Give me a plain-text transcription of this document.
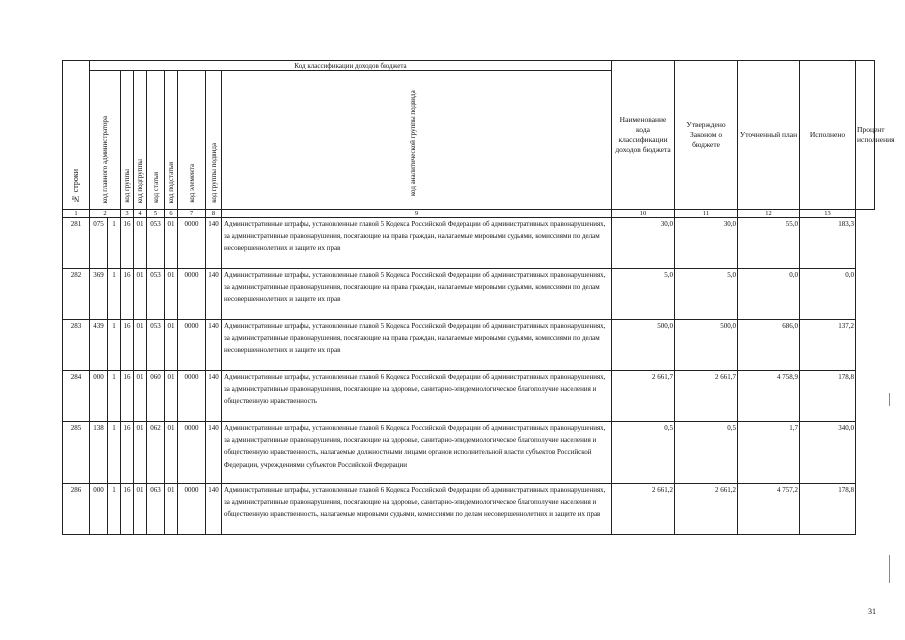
№ строки	Код классификации доходов бюджета									Наименование кода классификации доходов бюджета	Утверждено Законом о бюджете	Уточненный план	Исполнено	Процент исполнения
	код главного администратора		код группы	код подгруппы	код статьи	код подстатьи	код элемента	код группы подвида	код аналитической группы подвида					
1	2		3	4	5	6	7	8	9	10	11	12	13	
281	075	1	16	01	053	01	0000	140	Административные штрафы, установленные главой 5 Кодекса Российской Федерации об административных правонарушениях, за административные правонарушения, посягающие на права граждан, налагаемые мировыми судьями, комиссиями по делам несовершеннолетних и защите их прав	30,0	30,0	55,0	183,3	
282	369	1	16	01	053	01	0000	140	Административные штрафы, установленные главой 5 Кодекса Российской Федерации об административных правонарушениях, за административные правонарушения, посягающие на права граждан, налагаемые мировыми судьями, комиссиями по делам несовершеннолетних и защите их прав	5,0	5,0	0,0	0,0	
283	439	1	16	01	053	01	0000	140	Административные штрафы, установленные главой 5 Кодекса Российской Федерации об административных правонарушениях, за административные правонарушения, посягающие на права граждан, налагаемые мировыми судьями, комиссиями по делам несовершеннолетних и защите их прав	500,0	500,0	686,0	137,2	
284	000	1	16	01	060	01	0000	140	Административные штрафы, установленные главой 6 Кодекса Российской Федерации об административных правонарушениях, за административные правонарушения, посягающие на здоровье, санитарно-эпидемиологическое благополучие населения и общественную нравственность	2 661,7	2 661,7	4 758,9	178,8	
285	138	1	16	01	062	01	0000	140	Административные штрафы, установленные главой 6 Кодекса Российской Федерации об административных правонарушениях, за административные правонарушения, посягающие на здоровье, санитарно-эпидемиологическое благополучие населения и общественную нравственность, налагаемые должностными лицами органов исполнительной власти субъектов Российской Федерации, учреждениями субъектов Российской Федерации	0,5	0,5	1,7	340,0	
286	000	1	16	01	063	01	0000	140	Административные штрафы, установленные главой 6 Кодекса Российской Федерации об административных правонарушениях, за административные правонарушения, посягающие на здоровье, санитарно-эпидемиологическое благополучие населения и общественную нравственность, налагаемые мировыми судьями, комиссиями по делам несовершеннолетних и защите их прав	2 661,2	2 661,2	4 757,2	178,8	
31
